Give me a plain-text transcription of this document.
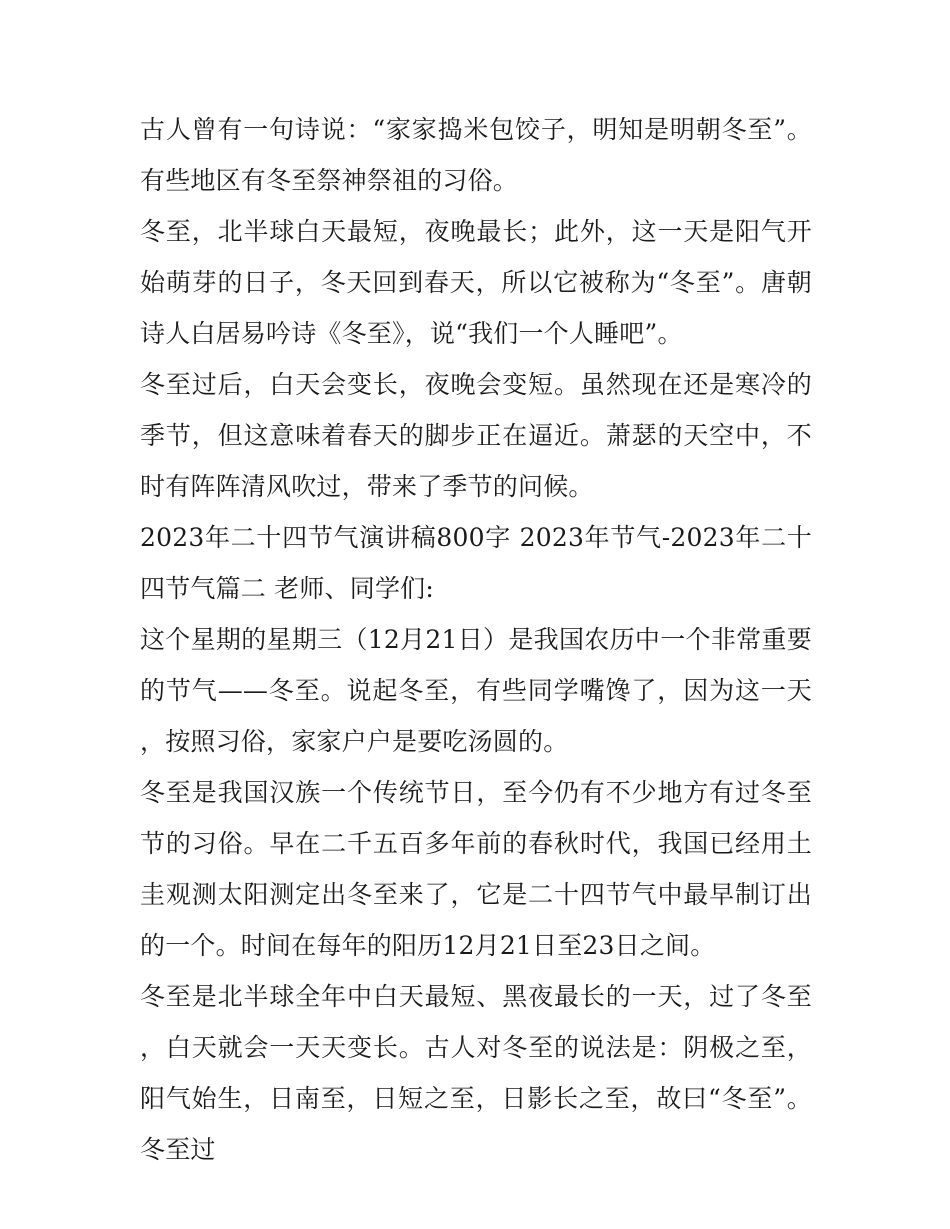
古人曾有一句诗说：“家家捣米包饺子，明知是明朝冬至”。有些地区有冬至祭神祭祖的习俗。

冬至，北半球白天最短，夜晚最长；此外，这一天是阳气开始萌芽的日子，冬天回到春天，所以它被称为“冬至”。唐朝诗人白居易吟诗《冬至》，说“我们一个人睡吧”。

冬至过后，白天会变长，夜晚会变短。虽然现在还是寒冷的季节，但这意味着春天的脚步正在逼近。萧瑟的天空中，不时有阵阵清风吹过，带来了季节的问候。

2023年二十四节气演讲稿800字 2023年节气-2023年二十四节气篇二 老师、同学们:

这个星期的星期三（12月21日）是我国农历中一个非常重要的节气——冬至。说起冬至，有些同学嘴馋了，因为这一天，按照习俗，家家户户是要吃汤圆的。

冬至是我国汉族一个传统节日，至今仍有不少地方有过冬至节的习俗。早在二千五百多年前的春秋时代，我国已经用土圭观测太阳测定出冬至来了，它是二十四节气中最早制订出的一个。时间在每年的阳历12月21日至23日之间。

冬至是北半球全年中白天最短、黑夜最长的一天，过了冬至，白天就会一天天变长。古人对冬至的说法是：阴极之至，阳气始生，日南至，日短之至，日影长之至，故曰“冬至”。冬至过
